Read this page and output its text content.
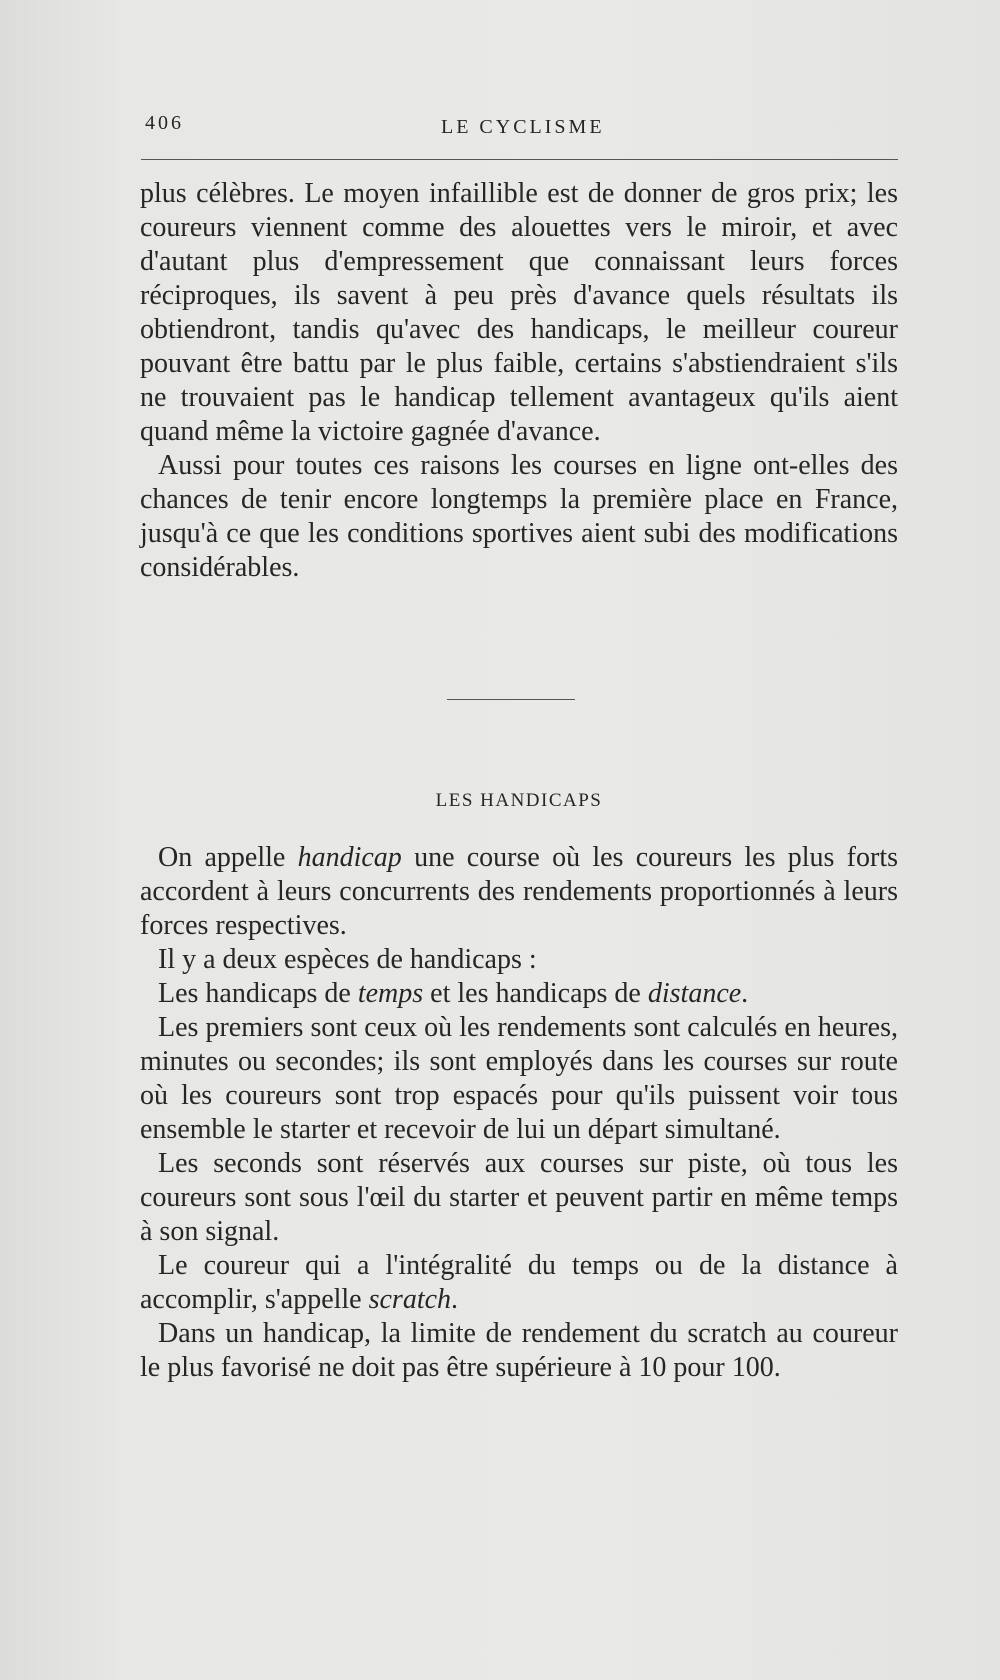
406	LE CYCLISME

plus célèbres. Le moyen infaillible est de donner de gros prix; les coureurs viennent comme des alouettes vers le miroir, et avec d'autant plus d'empressement que connaissant leurs forces réciproques, ils savent à peu près d'avance quels résultats ils obtiendront, tandis qu'avec des handicaps, le meilleur coureur pouvant être battu par le plus faible, certains s'abstiendraient s'ils ne trouvaient pas le handicap tellement avantageux qu'ils aient quand même la victoire gagnée d'avance.

Aussi pour toutes ces raisons les courses en ligne ont-elles des chances de tenir encore longtemps la première place en France, jusqu'à ce que les conditions sportives aient subi des modifications considérables.

LES HANDICAPS

On appelle handicap une course où les coureurs les plus forts accordent à leurs concurrents des rendements proportionnés à leurs forces respectives.

Il y a deux espèces de handicaps :

Les handicaps de temps et les handicaps de distance.

Les premiers sont ceux où les rendements sont calculés en heures, minutes ou secondes; ils sont employés dans les courses sur route où les coureurs sont trop espacés pour qu'ils puissent voir tous ensemble le starter et recevoir de lui un départ simultané.

Les seconds sont réservés aux courses sur piste, où tous les coureurs sont sous l'œil du starter et peuvent partir en même temps à son signal.

Le coureur qui a l'intégralité du temps ou de la distance à accomplir, s'appelle scratch.

Dans un handicap, la limite de rendement du scratch au coureur le plus favorisé ne doit pas être supérieure à 10 pour 100.
